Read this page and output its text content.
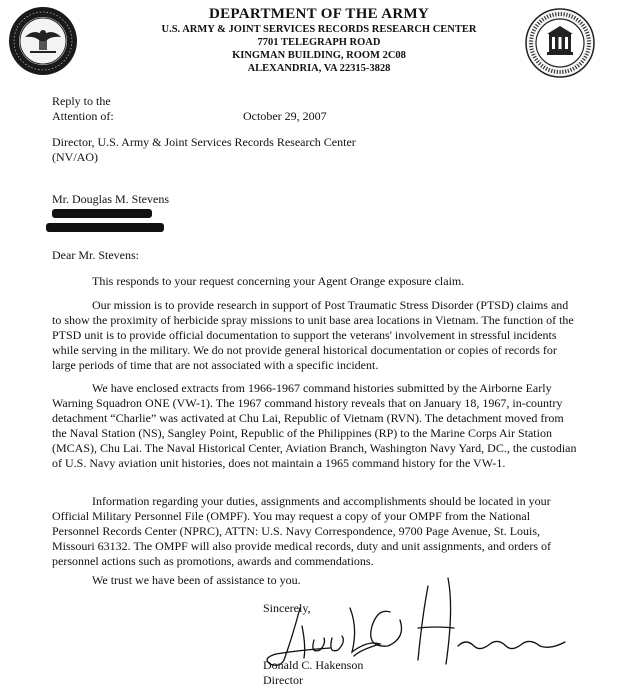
DEPARTMENT OF THE ARMY
U.S. ARMY & JOINT SERVICES RECORDS RESEARCH CENTER
7701 TELEGRAPH ROAD
KINGMAN BUILDING, ROOM 2C08
ALEXANDRIA, VA 22315-3828
Reply to the
Attention of:	October 29, 2007
Director, U.S. Army & Joint Services Records Research Center
(NV/AO)
Mr. Douglas M. Stevens
Dear Mr. Stevens:

This responds to your request concerning your Agent Orange exposure claim.

Our mission is to provide research in support of Post Traumatic Stress Disorder (PTSD) claims and to show the proximity of herbicide spray missions to unit base area locations in Vietnam. The function of the PTSD unit is to provide official documentation to support the veterans' involvement in stressful incidents while serving in the military. We do not provide general historical documentation or copies of records for large periods of time that are not associated with a specific incident.

We have enclosed extracts from 1966-1967 command histories submitted by the Airborne Early Warning Squadron ONE (VW-1). The 1967 command history reveals that on January 18, 1967, in-country detachment “Charlie” was activated at Chu Lai, Republic of Vietnam (RVN). The detachment moved from the Naval Station (NS), Sangley Point, Republic of the Philippines (RP) to the Marine Corps Air Station (MCAS), Chu Lai. The Naval Historical Center, Aviation Branch, Washington Navy Yard, DC., the custodian of U.S. Navy aviation unit histories, does not maintain a 1965 command history for the VW-1.

Information regarding your duties, assignments and accomplishments should be located in your Official Military Personnel File (OMPF). You may request a copy of your OMPF from the National Personnel Records Center (NPRC), ATTN: U.S. Navy Correspondence, 9700 Page Avenue, St. Louis, Missouri 63132. The OMPF will also provide medical records, duty and unit assignments, and orders of personnel actions such as promotions, awards and commendations.

We trust we have been of assistance to you.

Sincerely,
Donald C. Hakenson
Director
